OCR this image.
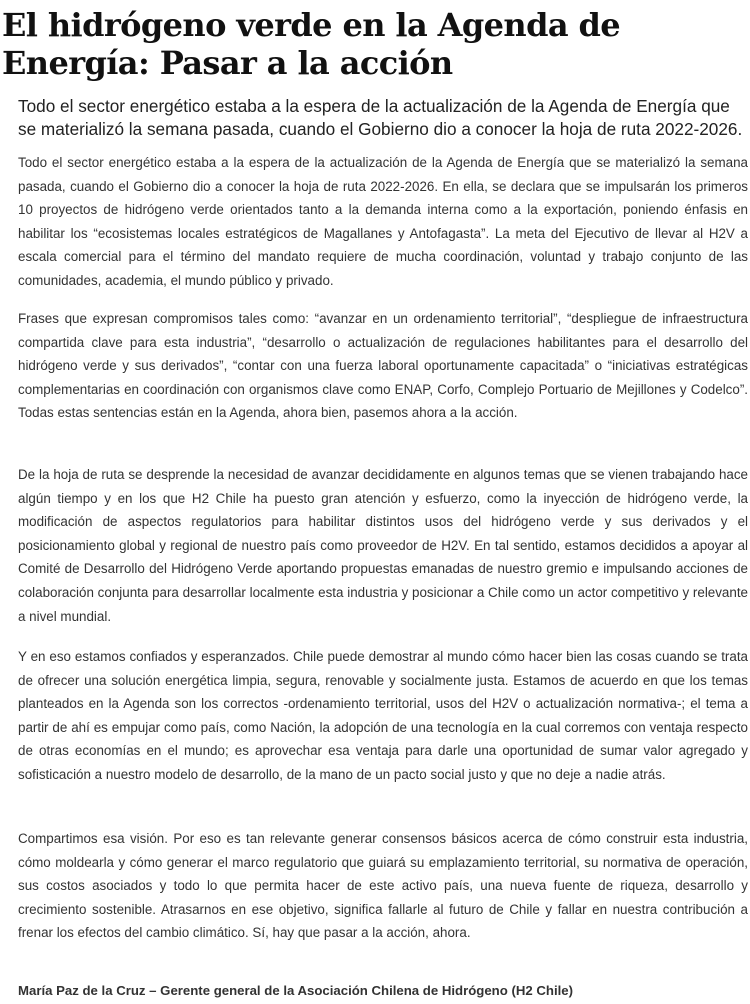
El hidrógeno verde en la Agenda de Energía: Pasar a la acción

Todo el sector energético estaba a la espera de la actualización de la Agenda de Energía que se materializó la semana pasada, cuando el Gobierno dio a conocer la hoja de ruta 2022-2026.

Todo el sector energético estaba a la espera de la actualización de la Agenda de Energía que se materializó la semana pasada, cuando el Gobierno dio a conocer la hoja de ruta 2022-2026. En ella, se declara que se impulsarán los primeros 10 proyectos de hidrógeno verde orientados tanto a la demanda interna como a la exportación, poniendo énfasis en habilitar los “ecosistemas locales estratégicos de Magallanes y Antofagasta”. La meta del Ejecutivo de llevar al H2V a escala comercial para el término del mandato requiere de mucha coordinación, voluntad y trabajo conjunto de las comunidades, academia, el mundo público y privado.

Frases que expresan compromisos tales como: “avanzar en un ordenamiento territorial”, “despliegue de infraestructura compartida clave para esta industria”, “desarrollo o actualización de regulaciones habilitantes para el desarrollo del hidrógeno verde y sus derivados”, “contar con una fuerza laboral oportunamente capacitada” o “iniciativas estratégicas complementarias en coordinación con organismos clave como ENAP, Corfo, Complejo Portuario de Mejillones y Codelco”. Todas estas sentencias están en la Agenda, ahora bien, pasemos ahora a la acción.

De la hoja de ruta se desprende la necesidad de avanzar decididamente en algunos temas que se vienen trabajando hace algún tiempo y en los que H2 Chile ha puesto gran atención y esfuerzo, como la inyección de hidrógeno verde, la modificación de aspectos regulatorios para habilitar distintos usos del hidrógeno verde y sus derivados y el posicionamiento global y regional de nuestro país como proveedor de H2V. En tal sentido, estamos decididos a apoyar al Comité de Desarrollo del Hidrógeno Verde aportando propuestas emanadas de nuestro gremio e impulsando acciones de colaboración conjunta para desarrollar localmente esta industria y posicionar a Chile como un actor competitivo y relevante a nivel mundial.

Y en eso estamos confiados y esperanzados. Chile puede demostrar al mundo cómo hacer bien las cosas cuando se trata de ofrecer una solución energética limpia, segura, renovable y socialmente justa. Estamos de acuerdo en que los temas planteados en la Agenda son los correctos -ordenamiento territorial, usos del H2V o actualización normativa-; el tema a partir de ahí es empujar como país, como Nación, la adopción de una tecnología en la cual corremos con ventaja respecto de otras economías en el mundo; es aprovechar esa ventaja para darle una oportunidad de sumar valor agregado y sofisticación a nuestro modelo de desarrollo, de la mano de un pacto social justo y que no deje a nadie atrás.

Compartimos esa visión. Por eso es tan relevante generar consensos básicos acerca de cómo construir esta industria, cómo moldearla y cómo generar el marco regulatorio que guiará su emplazamiento territorial, su normativa de operación, sus costos asociados y todo lo que permita hacer de este activo país, una nueva fuente de riqueza, desarrollo y crecimiento sostenible. Atrasarnos en ese objetivo, significa fallarle al futuro de Chile y fallar en nuestra contribución a frenar los efectos del cambio climático. Sí, hay que pasar a la acción, ahora.

María Paz de la Cruz – Gerente general de la Asociación Chilena de Hidrógeno (H2 Chile)
